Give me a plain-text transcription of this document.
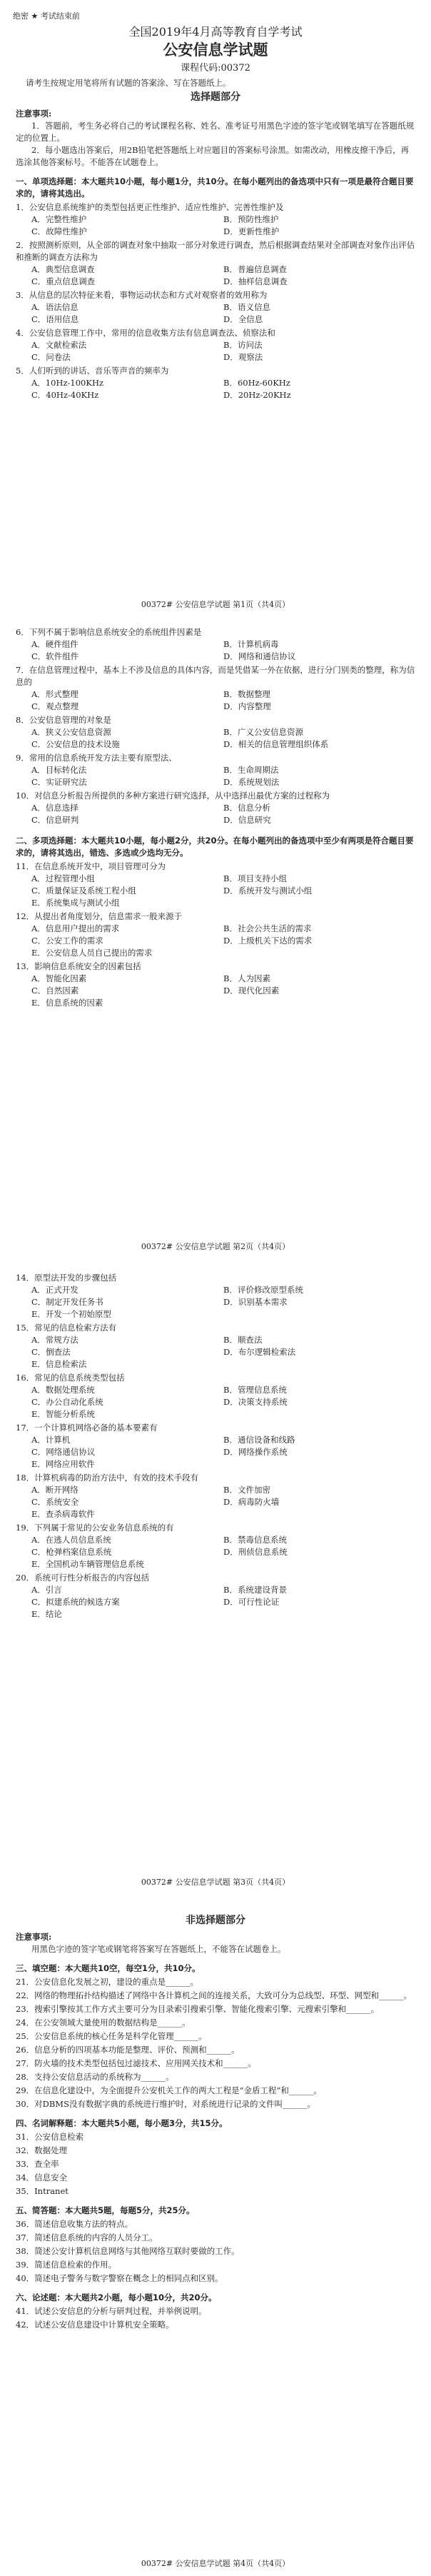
绝密 ★ 考试结束前
全国2019年4月高等教育自学考试
公安信息学试题
课程代码:00372
请考生按规定用笔将所有试题的答案涂、写在答题纸上。

选择题部分

注意事项:

1．答题前，考生务必将自己的考试课程名称、姓名、准考证号用黑色字迹的签字笔或钢笔填写在答题纸规定的位置上。

2．每小题选出答案后，用2B铅笔把答题纸上对应题目的答案标号涂黑。如需改动，用橡皮擦干净后，再选涂其他答案标号。不能答在试题卷上。

一、单项选择题：本大题共10小题，每小题1分，共10分。在每小题列出的备选项中只有一项是最符合题目要求的，请将其选出。

1．公安信息系统维护的类型包括更正性维护、适应性维护、完善性维护及

A．完整性维护	B．预防性维护
C．故障性维护	D．更新性维护

2．按照测析原则，从全部的调查对象中抽取一部分对象进行调查，然后根据调查结果对全部调查对象作出评估和推断的调查方法称为

A．典型信息调查	B．普遍信息调查
C．重点信息调查	D．抽样信息调查

3．从信息的层次特征来看，事物运动状态和方式对观察者的效用称为

A．语法信息	B．语义信息
C．语用信息	D．全信息

4．公安信息管理工作中，常用的信息收集方法有信息调查法、侦察法和

A．文献检索法	B．访问法
C．问卷法	D．观察法

5．人们听到的讲话、音乐等声音的频率为

A．10Hz-100KHz	B．60Hz-60KHz
C．40Hz-40KHz	D．20Hz-20KHz
00372# 公安信息学试题 第1页（共4页）

6．下列不属于影响信息系统安全的系统组件因素是

A．硬件组件	B．计算机病毒
C．软件组件	D．网络和通信协议

7．在信息管理过程中，基本上不涉及信息的具体内容，而是凭借某一外在依据，进行分门别类的整理，称为信息的

A．形式整理	B．数据整理
C．观点整理	D．内容整理

8．公安信息管理的对象是

A．狭义公安信息资源	B．广义公安信息资源
C．公安信息的技术设施	D．相关的信息管理组织体系

9．常用的信息系统开发方法主要有原型法、

A．目标转化法	B．生命周期法
C．实证研究法	D．系统规划法

10．对信息分析报告所提供的多种方案进行研究选择，从中选择出最优方案的过程称为

A．信息选择	B．信息分析
C．信息研判	D．信息研究

二、多项选择题：本大题共10小题，每小题2分，共20分。在每小题列出的备选项中至少有两项是符合题目要求的，请将其选出，错选、多选或少选均无分。

11．在信息系统开发中，项目管理可分为

A．过程管理小组	B．项目支持小组
C．质量保证及系统工程小组	D．系统开发与测试小组
E．系统集成与测试小组

12．从提出者角度划分，信息需求一般来源于

A．信息用户提出的需求	B．社会公共生活的需求
C．公安工作的需求	D．上级机关下达的需求
E．公安信息人员自己提出的需求

13．影响信息系统安全的因素包括

A．智能化因素	B．人为因素
C．自然因素	D．现代化因素
E．信息系统的因素
00372# 公安信息学试题 第2页（共4页）

14．原型法开发的步骤包括

A．正式开发	B．评价修改原型系统
C．制定开发任务书	D．识别基本需求
E．开发一个初始原型

15．常见的信息检索方法有

A．常规方法	B．顺查法
C．倒查法	D．布尔逻辑检索法
E．信息检索法

16．常见的信息系统类型包括

A．数据处理系统	B．管理信息系统
C．办公自动化系统	D．决策支持系统
E．智能分析系统

17．一个计算机网络必备的基本要素有

A．计算机	B．通信设备和线路
C．网络通信协议	D．网络操作系统
E．网络应用软件

18．计算机病毒的防治方法中，有效的技术手段有

A．断开网络	B．文件加密
C．系统安全	D．病毒防火墙
E．查杀病毒软件

19．下列属于常见的公安业务信息系统的有

A．在逃人员信息系统	B．禁毒信息系统
C．枪弹档案信息系统	D．刑侦信息系统
E．全国机动车辆管理信息系统

20．系统可行性分析报告的内容包括

A．引言	B．系统建设背景
C．拟建系统的候选方案	D．可行性论证
E．结论
00372# 公安信息学试题 第3页（共4页）

非选择题部分

注意事项:

用黑色字迹的签字笔或钢笔将答案写在答题纸上，不能答在试题卷上。

三、填空题：本大题共10空，每空1分，共10分。

21．公安信息化发展之初，建设的重点是______。

22．网络的物理拓扑结构描述了网络中各计算机之间的连接关系，大致可分为总线型、环型、网型和______。

23．搜索引擎按其工作方式主要可分为目录索引搜索引擎、智能化搜索引擎、元搜索引擎和______。

24．在公安领域大量使用的数据结构是______。

25．公安信息系统的核心任务是科学化管理______。

26．信息分析的四项基本功能是整理、评价、预测和______。

27．防火墙的技术类型包括包过滤技术、应用网关技术和______。

28．支持公安信息活动的系统称为______。

29．在信息化建设中，为全面提升公安机关工作的两大工程是“金盾工程”和______。

30．对DBMS没有数据字典的系统进行维护时，对系统进行记录的文件叫______。

四、名词解释题：本大题共5小题，每小题3分，共15分。

31．公安信息检索

32．数据处理

33．查全率

34．信息安全

35．Intranet

五、简答题：本大题共5题，每题5分，共25分。

36．简述信息收集方法的特点。

37．简述信息系统的内容的人员分工。

38．简述公安计算机信息网络与其他网络互联时要做的工作。

39．简述信息检索的作用。

40．简述电子警务与数字警察在概念上的相同点和区别。

六、论述题：本大题共2小题，每小题10分，共20分。

41．试述公安信息的分析与研判过程，并举例说明。

42．试述公安信息建设中计算机安全策略。

00372# 公安信息学试题 第4页（共4页）
